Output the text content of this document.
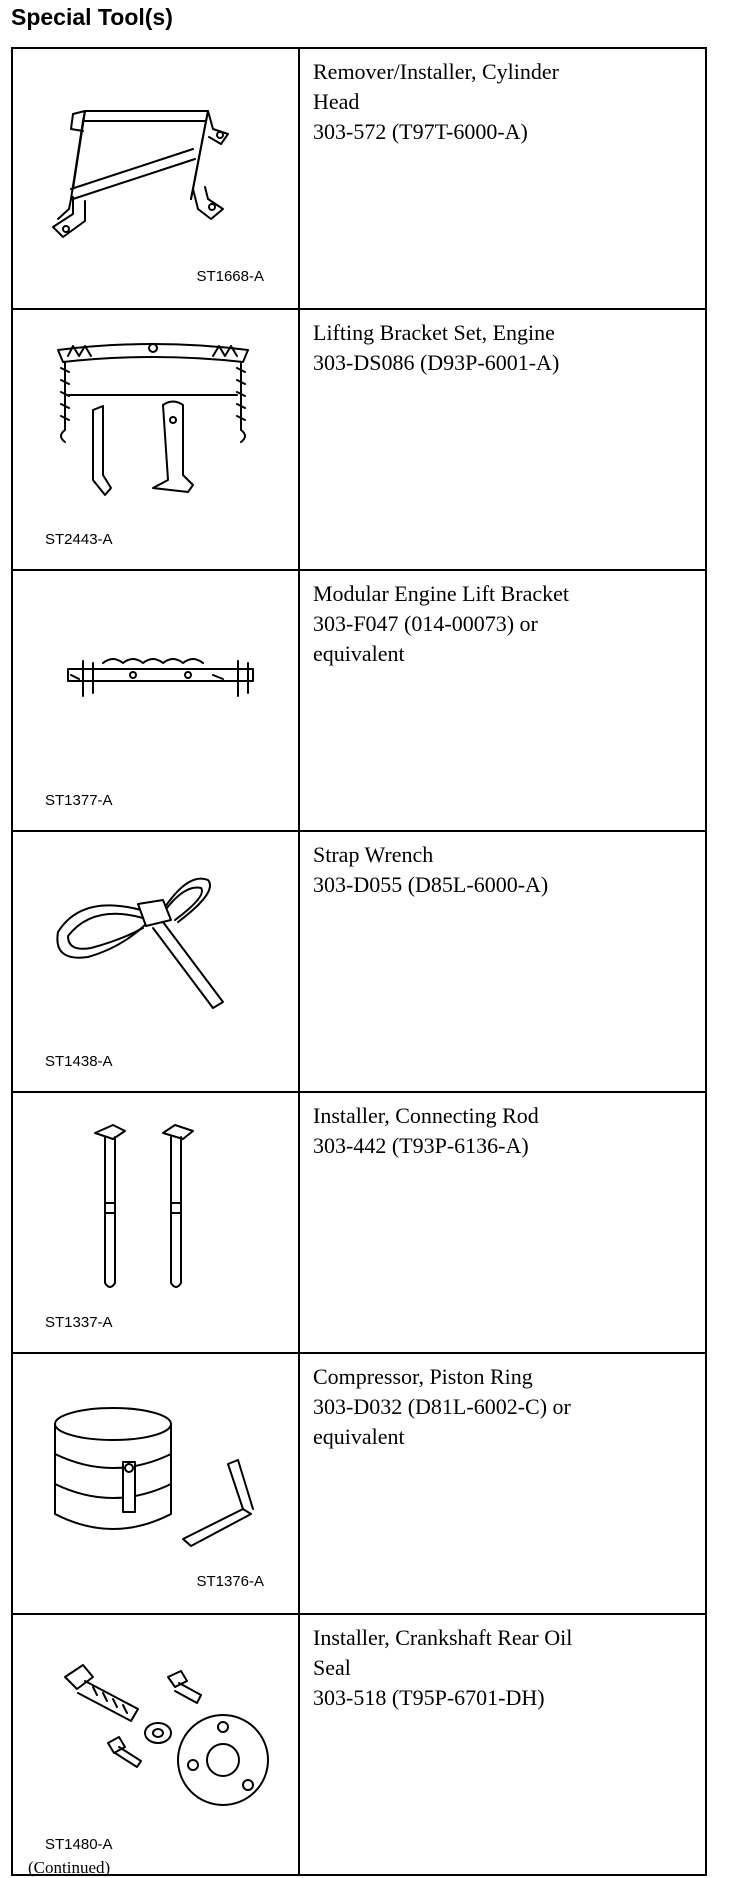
Special Tool(s)
ST1668-A	Remover/Installer, Cylinder
Head
303-572 (T97T-6000-A)

ST2443-A	Lifting Bracket Set, Engine
303-DS086 (D93P-6001-A)

ST1377-A	Modular Engine Lift Bracket
303-F047 (014-00073) or
equivalent

ST1438-A	Strap Wrench
303-D055 (D85L-6000-A)

ST1337-A	Installer, Connecting Rod
303-442 (T93P-6136-A)

ST1376-A	Compressor, Piston Ring
303-D032 (D81L-6002-C) or
equivalent

ST1480-A	Installer, Crankshaft Rear Oil
Seal
303-518 (T95P-6701-DH)
(Continued)
